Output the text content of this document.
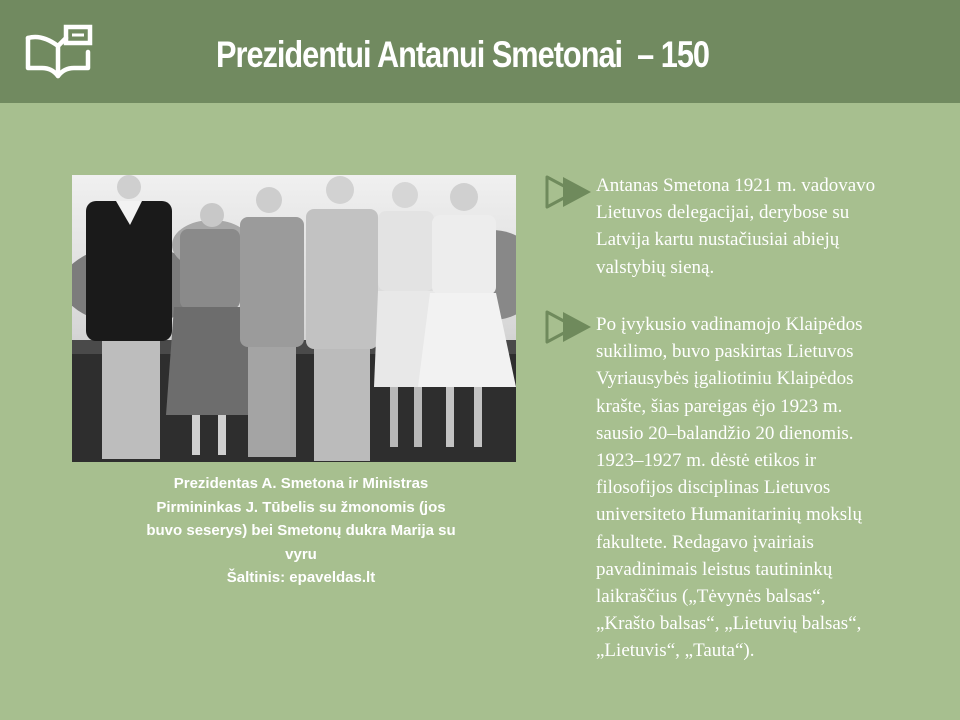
Prezidentui Antanui Smetonai  – 150
Prezidentas A. Smetona ir Ministras
Pirmininkas J. Tūbelis su žmonomis (jos
buvo seserys) bei Smetonų dukra Marija su
vyru
Šaltinis: epaveldas.lt
Antanas Smetona 1921 m. vadovavo
Lietuvos delegacijai, derybose su
Latvija kartu nustačiusiai abiejų
valstybių sieną.
Po įvykusio vadinamojo Klaipėdos
sukilimo, buvo paskirtas Lietuvos
Vyriausybės įgaliotiniu Klaipėdos
krašte, šias pareigas ėjo 1923 m.
sausio 20–balandžio 20 dienomis.
1923–1927 m. dėstė etikos ir
filosofijos disciplinas Lietuvos
universiteto Humanitarinių mokslų
fakultete. Redagavo įvairiais
pavadinimais leistus tautininkų
laikraščius („Tėvynės balsas“,
„Krašto balsas“, „Lietuvių balsas“,
„Lietuvis“, „Tauta“).
